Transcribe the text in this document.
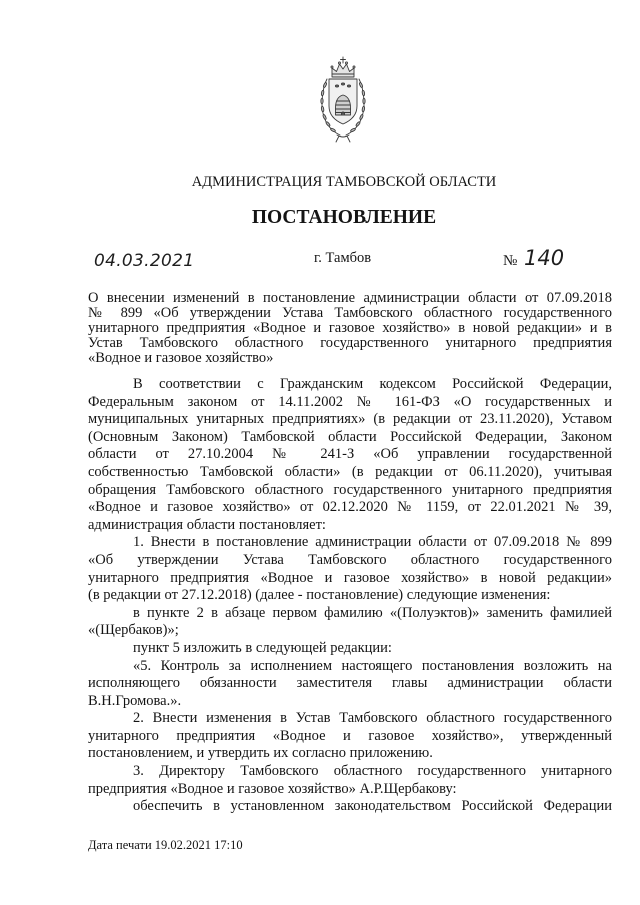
АДМИНИСТРАЦИЯ ТАМБОВСКОЙ ОБЛАСТИ
ПОСТАНОВЛЕНИЕ
04.03.2021	г. Тамбов	№ 140
О внесении изменений в постановление администрации области от 07.09.2018
№ 899 «Об утверждении Устава Тамбовского областного государственного
унитарного предприятия «Водное и газовое хозяйство» в новой редакции» и в
Устав Тамбовского областного государственного унитарного предприятия
«Водное и газовое хозяйство»
В соответствии с Гражданским кодексом Российской Федерации,
Федеральным законом от 14.11.2002 № 161-ФЗ «О государственных и
муниципальных унитарных предприятиях» (в редакции от 23.11.2020), Уставом
(Основным Законом) Тамбовской области Российской Федерации, Законом
области от 27.10.2004 № 241-З «Об управлении государственной
собственностью Тамбовской области» (в редакции от 06.11.2020), учитывая
обращения Тамбовского областного государственного унитарного предприятия
«Водное и газовое хозяйство» от 02.12.2020 № 1159, от 22.01.2021 № 39,
администрация области постановляет:
1. Внести в постановление администрации области от 07.09.2018 № 899
«Об утверждении Устава Тамбовского областного государственного
унитарного предприятия «Водное и газовое хозяйство» в новой редакции»
(в редакции от 27.12.2018) (далее - постановление) следующие изменения:
в пункте 2 в абзаце первом фамилию «(Полуэктов)» заменить фамилией
«(Щербаков)»;
пункт 5 изложить в следующей редакции:
«5. Контроль за исполнением настоящего постановления возложить на
исполняющего обязанности заместителя главы администрации области
В.Н.Громова.».
2. Внести изменения в Устав Тамбовского областного государственного
унитарного предприятия «Водное и газовое хозяйство», утвержденный
постановлением, и утвердить их согласно приложению.
3. Директору Тамбовского областного государственного унитарного
предприятия «Водное и газовое хозяйство» А.Р.Щербакову:
обеспечить в установленном законодательством Российской Федерации
Дата печати 19.02.2021 17:10
